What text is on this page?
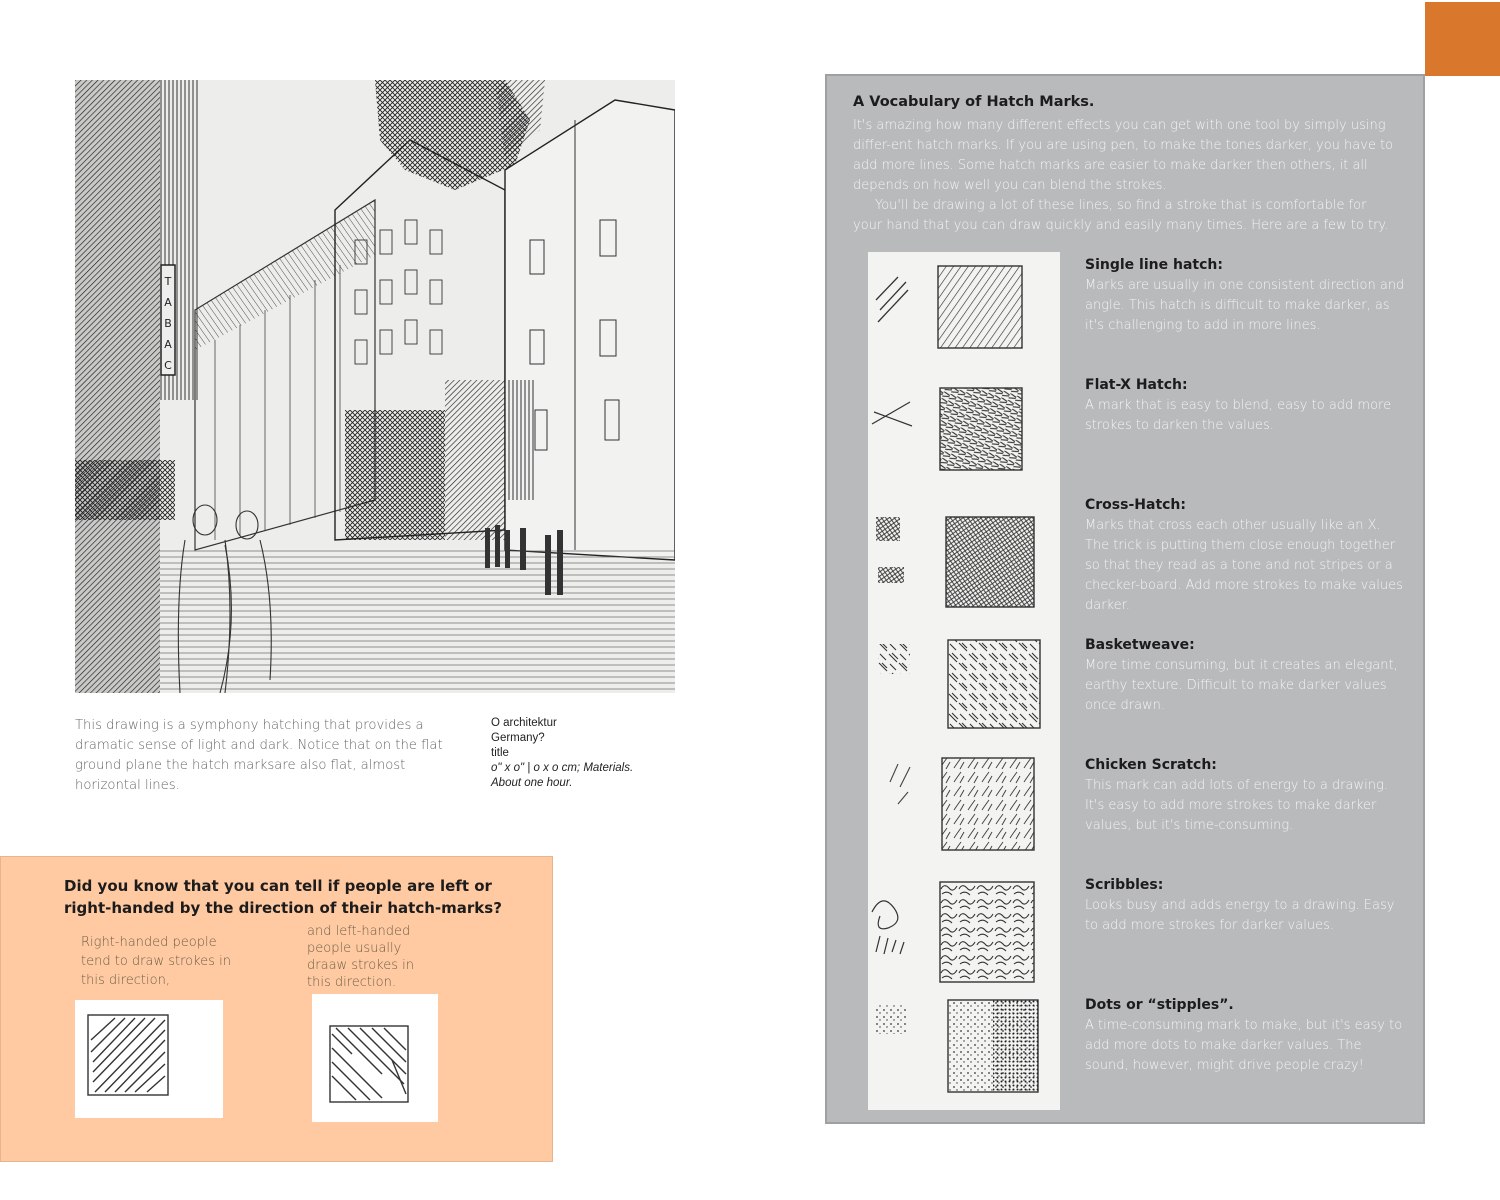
T
A
B
A
C
This drawing is a symphony hatching that provides a dramatic sense of light and dark. Notice that on the flat ground plane the hatch marksare also flat, almost horizontal lines.
O architektur
Germany?
title
o" x o" | o x o cm; Materials.
About one hour.
Did you know that you can tell if people are left or right-handed by the direction of their hatch-marks?
Right-handed people tend to draw strokes in this direction,
and left-handed people usually draaw strokes in this direction.
A Vocabulary of Hatch Marks.

It's amazing how many different effects you can get with one tool by simply using differ-ent hatch marks. If you are using pen, to make the tones darker, you have to add more lines. Some hatch marks are easier to make darker then others, it all depends on how well you can blend the strokes.

You'll be drawing a lot of these lines, so find a stroke that is comfortable for your hand that you can draw quickly and easily many times. Here are a few to try.

Single line hatch:

Marks are usually in one consistent direction and angle. This hatch is difficult to make darker, as it's challenging to add in more lines.

Flat-X Hatch:

A mark that is easy to blend, easy to add more strokes to darken the values.

Cross-Hatch:

Marks that cross each other usually like an X. The trick is putting them close enough together so that they read as a tone and not stripes or a checker-board. Add more strokes to make values darker.

Basketweave:

More time consuming, but it creates an elegant, earthy texture. Difficult to make darker values once drawn.

Chicken Scratch:

This mark can add lots of energy to a drawing. It's easy to add more strokes to make darker values, but it's time-consuming.

Scribbles:

Looks busy and adds energy to a drawing. Easy to add more strokes for darker values.

Dots or “stipples”.

A time-consuming mark to make, but it's easy to add more dots to make darker values. The sound, however, might drive people crazy!
